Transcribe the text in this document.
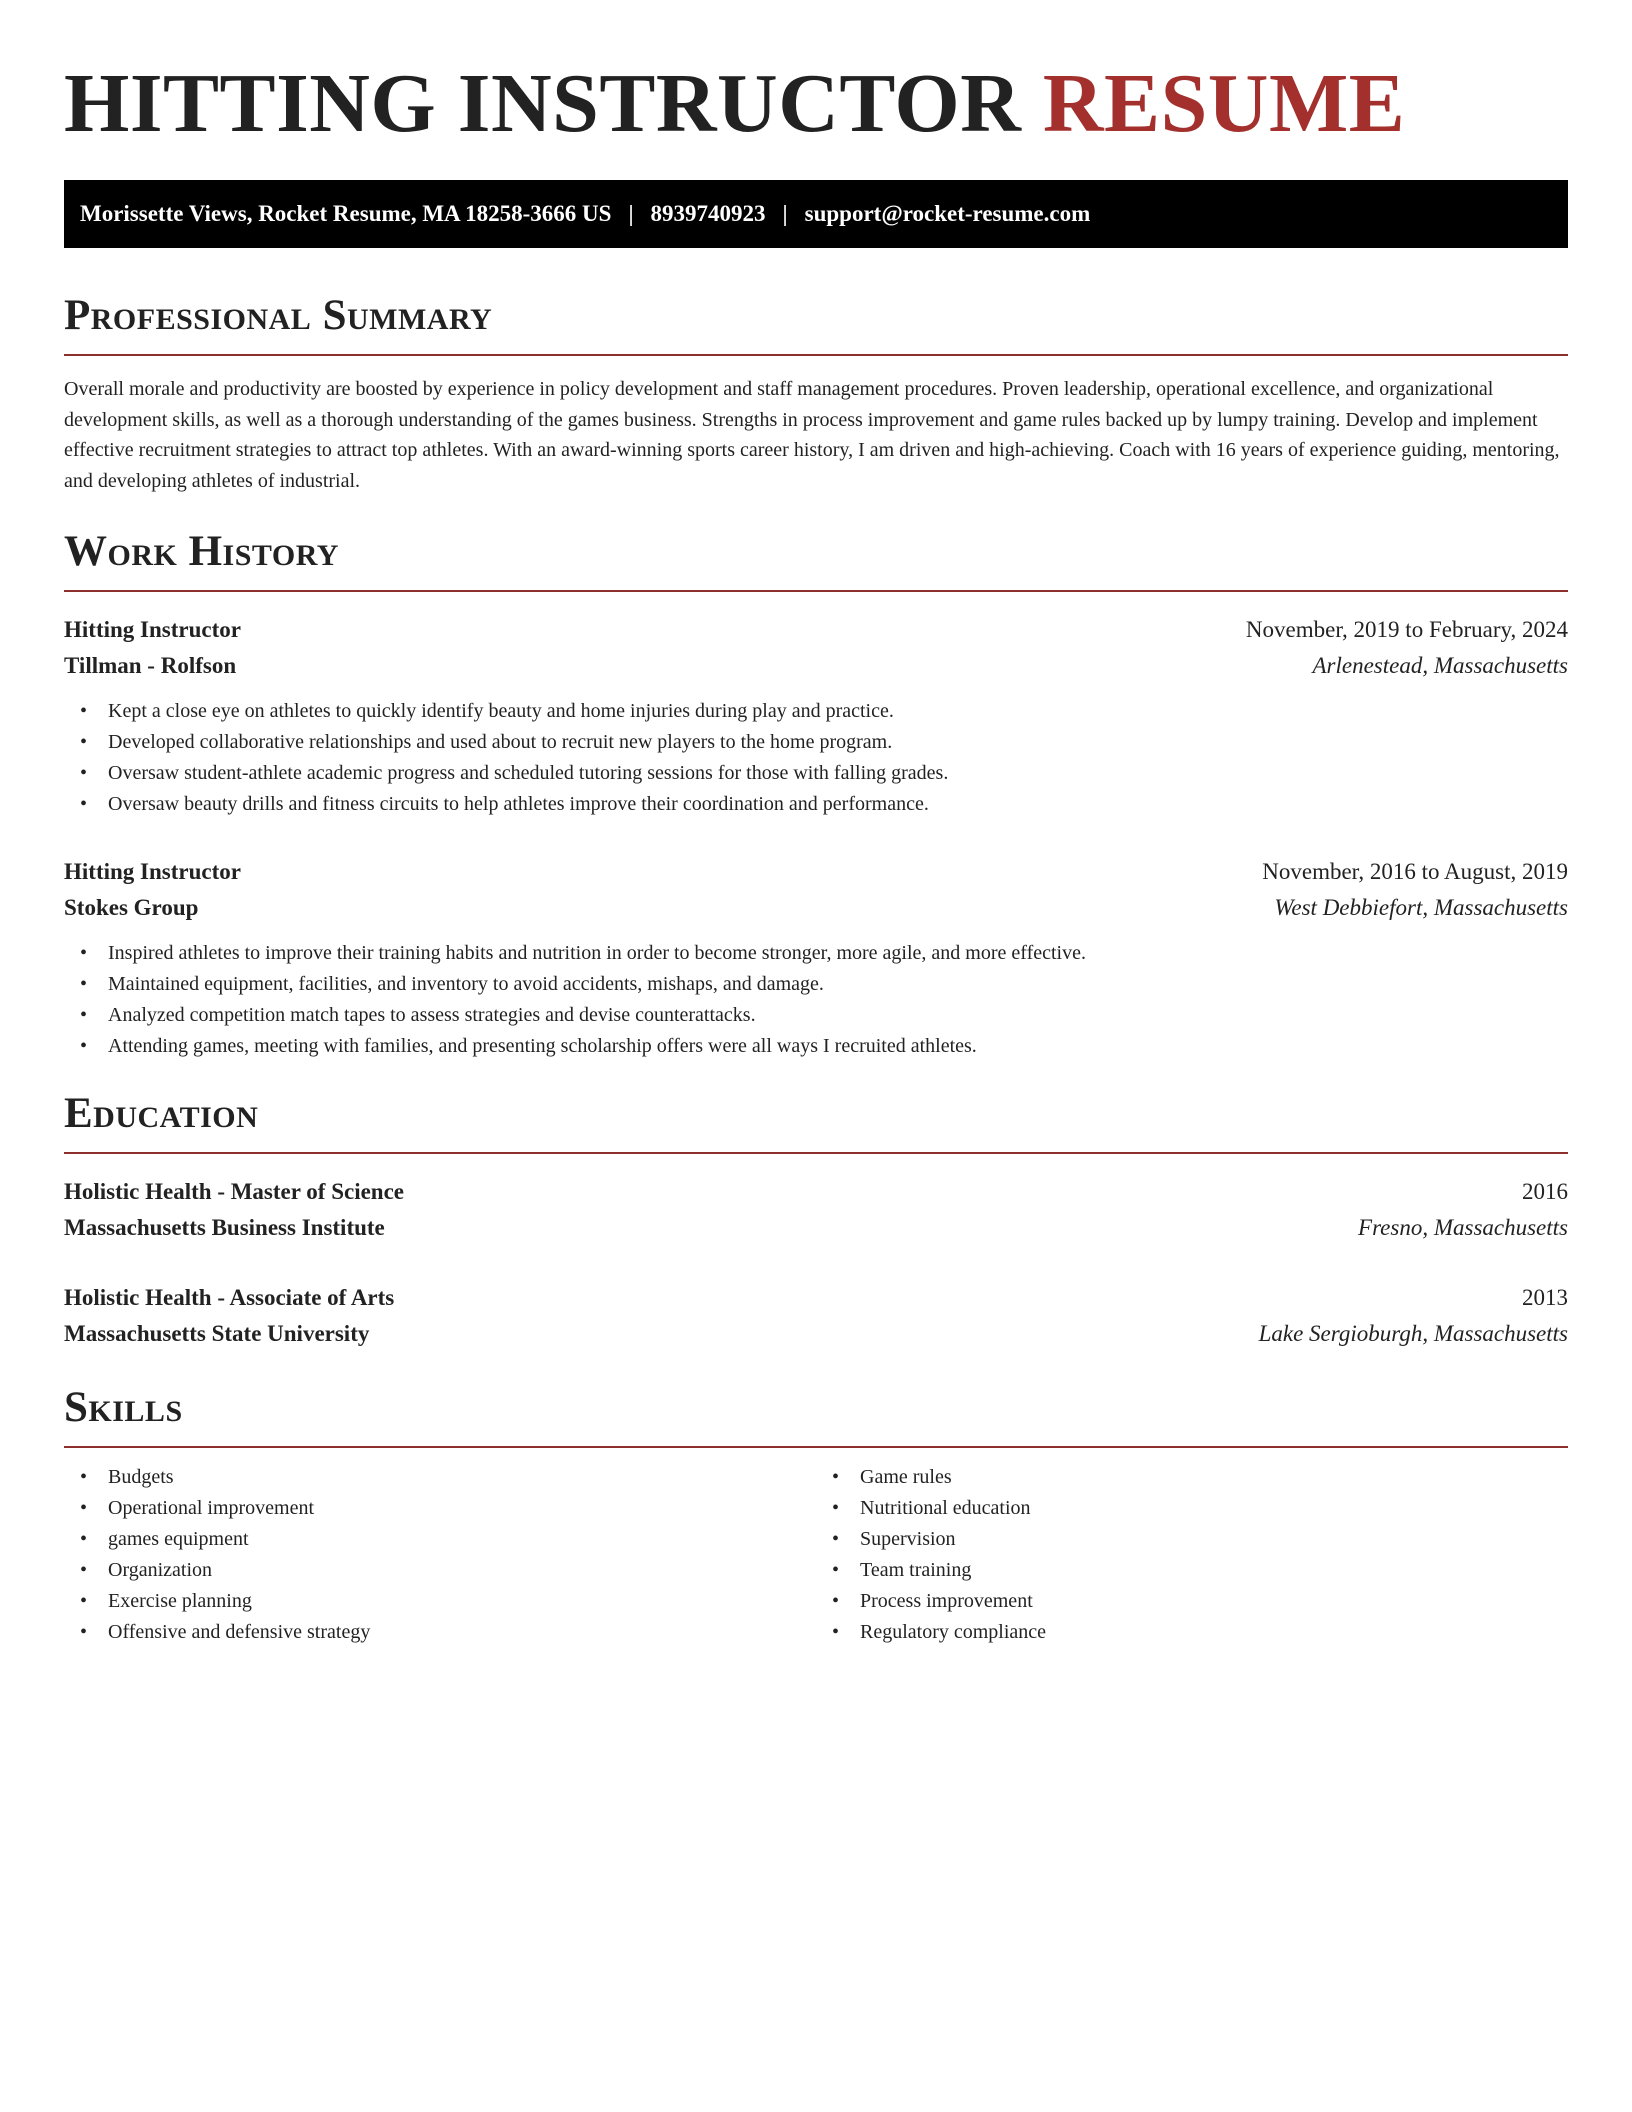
HITTING INSTRUCTOR RESUME
Morissette Views, Rocket Resume, MA 18258-3666 US | 8939740923 | support@rocket-resume.com
Professional Summary

Overall morale and productivity are boosted by experience in policy development and staff management procedures. Proven leadership, operational excellence, and organizational development skills, as well as a thorough understanding of the games business. Strengths in process improvement and game rules backed up by lumpy training. Develop and implement effective recruitment strategies to attract top athletes. With an award-winning sports career history, I am driven and high-achieving. Coach with 16 years of experience guiding, mentoring, and developing athletes of industrial.

Work History
Hitting Instructor	November, 2019 to February, 2024
Tillman - Rolfson	Arlenestead, Massachusetts
• Kept a close eye on athletes to quickly identify beauty and home injuries during play and practice.
• Developed collaborative relationships and used about to recruit new players to the home program.
• Oversaw student-athlete academic progress and scheduled tutoring sessions for those with falling grades.
• Oversaw beauty drills and fitness circuits to help athletes improve their coordination and performance.
Hitting Instructor	November, 2016 to August, 2019
Stokes Group	West Debbiefort, Massachusetts
• Inspired athletes to improve their training habits and nutrition in order to become stronger, more agile, and more effective.
• Maintained equipment, facilities, and inventory to avoid accidents, mishaps, and damage.
• Analyzed competition match tapes to assess strategies and devise counterattacks.
• Attending games, meeting with families, and presenting scholarship offers were all ways I recruited athletes.
Education
Holistic Health - Master of Science	2016
Massachusetts Business Institute	Fresno, Massachusetts
Holistic Health - Associate of Arts	2013
Massachusetts State University	Lake Sergioburgh, Massachusetts
Skills
• Budgets
• Operational improvement
• games equipment
• Organization
• Exercise planning
• Offensive and defensive strategy
• Game rules
• Nutritional education
• Supervision
• Team training
• Process improvement
• Regulatory compliance
